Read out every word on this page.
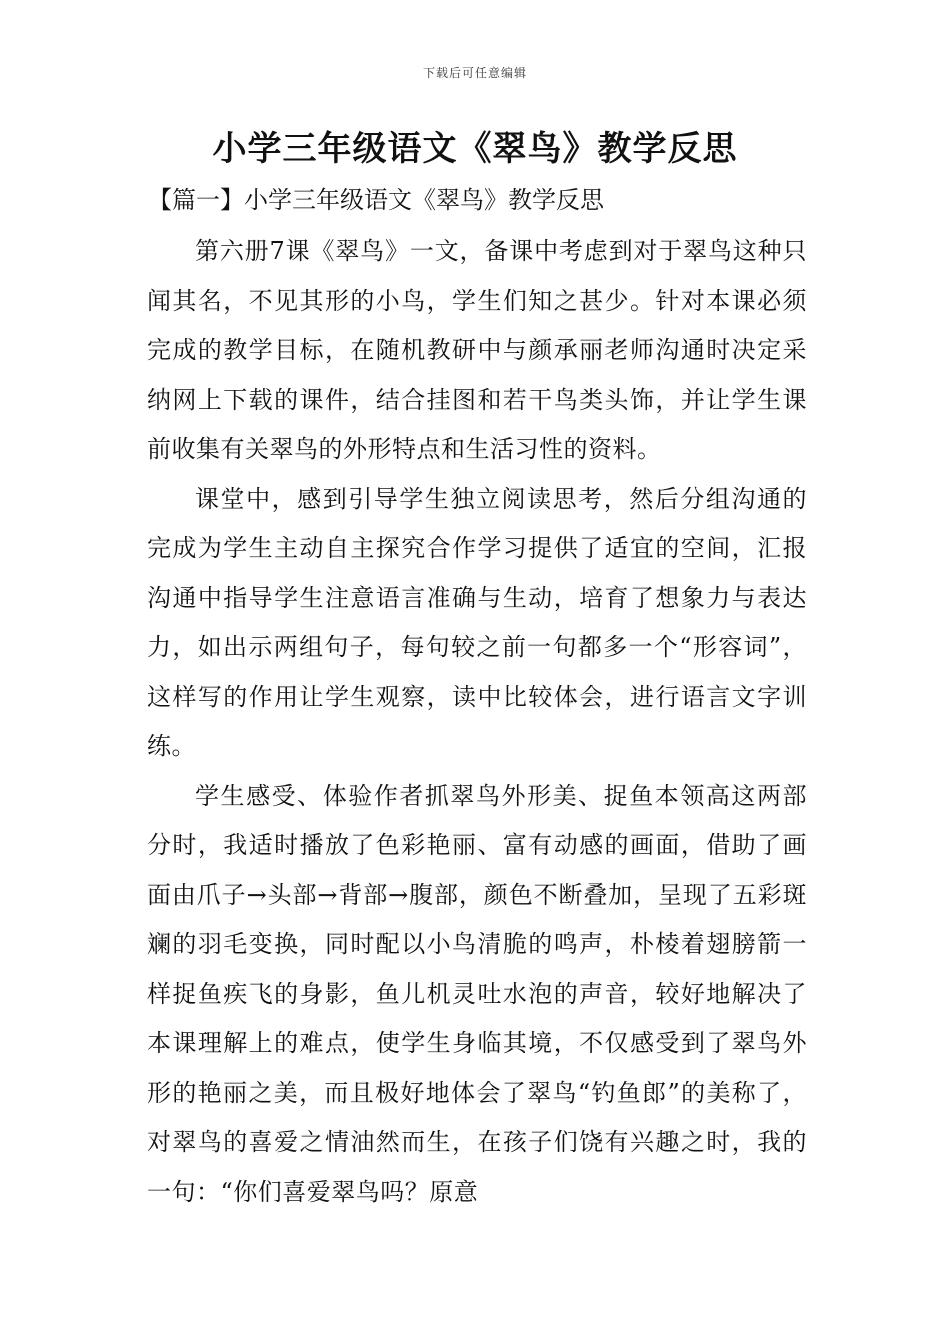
下载后可任意编辑
小学三年级语文《翠鸟》教学反思
【篇一】小学三年级语文《翠鸟》教学反思

第六册7课《翠鸟》一文，备课中考虑到对于翠鸟这种只闻其名，不见其形的小鸟，学生们知之甚少。针对本课必须完成的教学目标，在随机教研中与颜承丽老师沟通时决定采纳网上下载的课件，结合挂图和若干鸟类头饰，并让学生课前收集有关翠鸟的外形特点和生活习性的资料。

课堂中，感到引导学生独立阅读思考，然后分组沟通的完成为学生主动自主探究合作学习提供了适宜的空间，汇报沟通中指导学生注意语言准确与生动，培育了想象力与表达力，如出示两组句子，每句较之前一句都多一个“形容词”，这样写的作用让学生观察，读中比较体会，进行语言文字训练。

学生感受、体验作者抓翠鸟外形美、捉鱼本领高这两部分时，我适时播放了色彩艳丽、富有动感的画面，借助了画面由爪子→头部→背部→腹部，颜色不断叠加，呈现了五彩斑斓的羽毛变换，同时配以小鸟清脆的鸣声，朴棱着翅膀箭一样捉鱼疾飞的身影，鱼儿机灵吐水泡的声音，较好地解决了本课理解上的难点，使学生身临其境，不仅感受到了翠鸟外形的艳丽之美，而且极好地体会了翠鸟“钓鱼郎”的美称了，对翠鸟的喜爱之情油然而生，在孩子们饶有兴趣之时，我的一句：“你们喜爱翠鸟吗？原意
